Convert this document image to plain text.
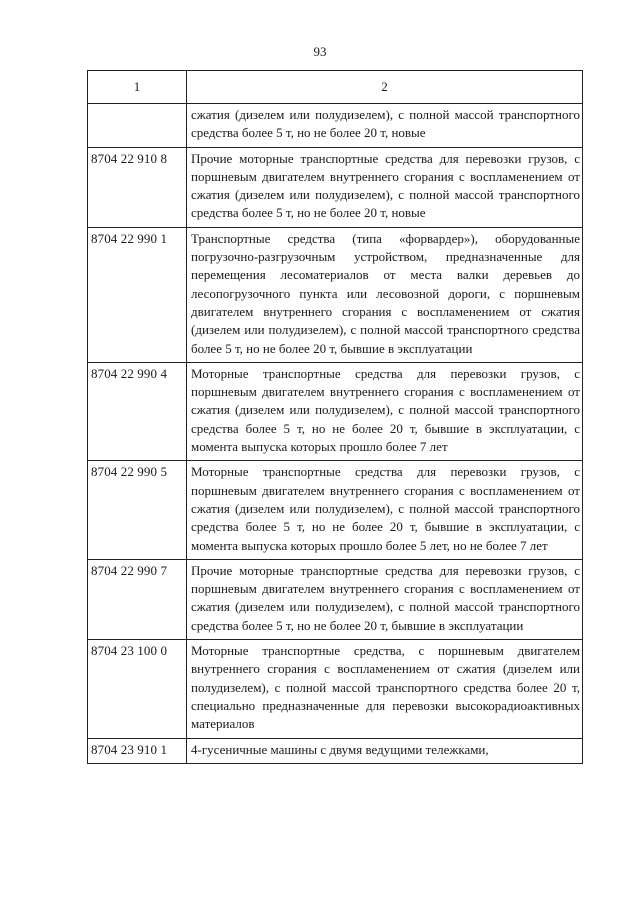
93
1	2
	сжатия (дизелем или полудизелем), с полной массой транспортного средства более 5 т, но не более 20 т, новые
8704 22 910 8	Прочие моторные транспортные средства для перевозки грузов, с поршневым двигателем внутреннего сгорания с воспламенением от сжатия (дизелем или полудизелем), с полной массой транспортного средства более 5 т, но не более 20 т, новые
8704 22 990 1	Транспортные средства (типа «форвардер»), оборудованные погрузочно-разгрузочным устройством, предназначенные для перемещения лесоматериалов от места валки деревьев до лесопогрузочного пункта или лесовозной дороги, с поршневым двигателем внутреннего сгорания с воспламенением от сжатия (дизелем или полудизелем), с полной массой транспортного средства более 5 т, но не более 20 т, бывшие в эксплуатации
8704 22 990 4	Моторные транспортные средства для перевозки грузов, с поршневым двигателем внутреннего сгорания с воспламенением от сжатия (дизелем или полудизелем), с полной массой транспортного средства более 5 т, но не более 20 т, бывшие в эксплуатации, с момента выпуска которых прошло более 7 лет
8704 22 990 5	Моторные транспортные средства для перевозки грузов, с поршневым двигателем внутреннего сгорания с воспламенением от сжатия (дизелем или полудизелем), с полной массой транспортного средства более 5 т, но не более 20 т, бывшие в эксплуатации, с момента выпуска которых прошло более 5 лет, но не более 7 лет
8704 22 990 7	Прочие моторные транспортные средства для перевозки грузов, с поршневым двигателем внутреннего сгорания с воспламенением от сжатия (дизелем или полудизелем), с полной массой транспортного средства более 5 т, но не более 20 т, бывшие в эксплуатации
8704 23 100 0	Моторные транспортные средства, с поршневым двигателем внутреннего сгорания с воспламенением от сжатия (дизелем или полудизелем), с полной массой транспортного средства более 20 т, специально предназначенные для перевозки высокорадиоактивных материалов
8704 23 910 1	4-гусеничные машины с двумя ведущими тележками,
